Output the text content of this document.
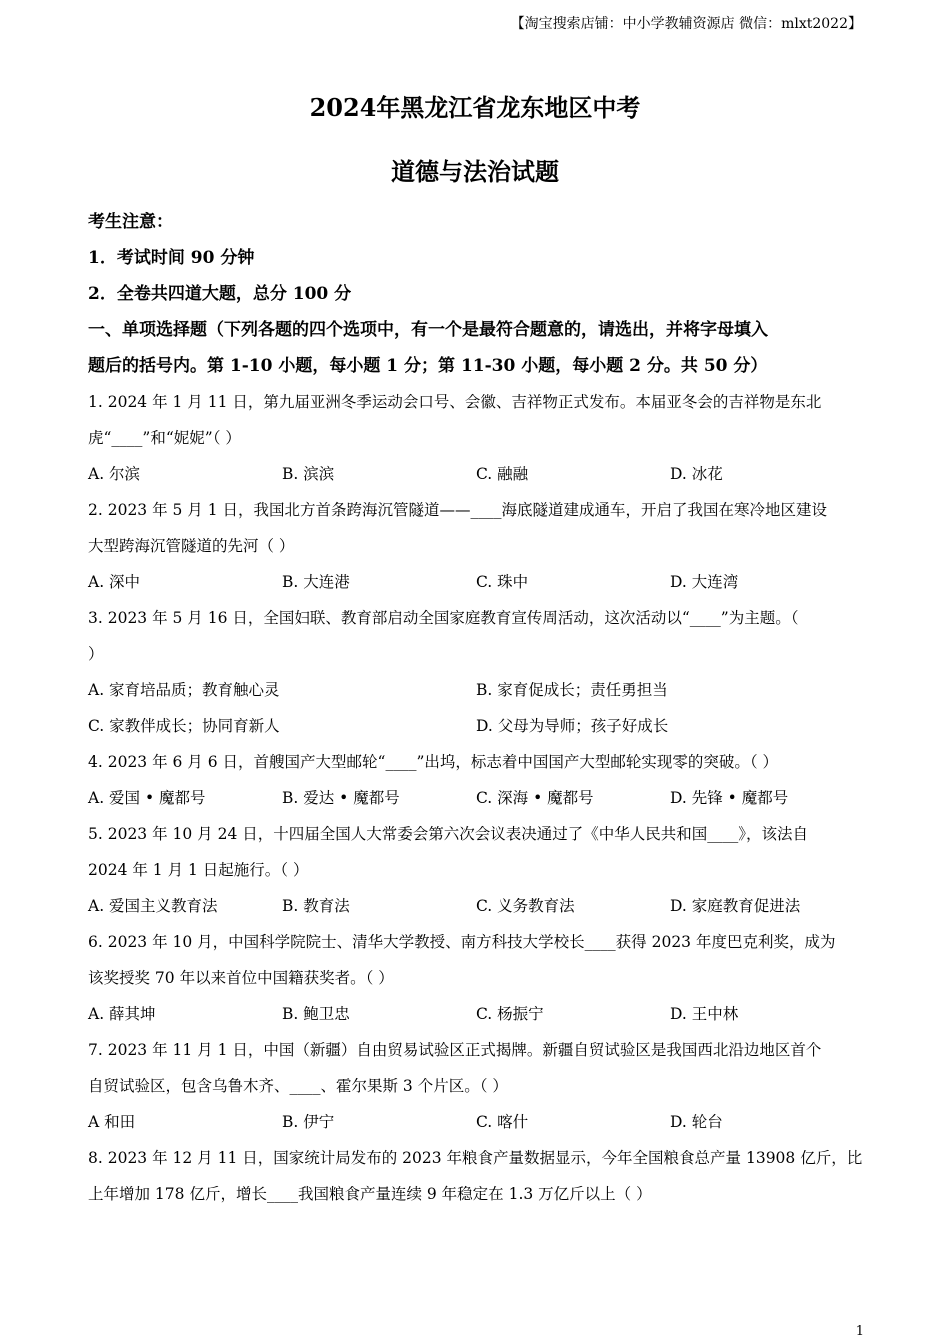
【淘宝搜索店铺：中小学教辅资源店 微信：mlxt2022】
2024年黑龙江省龙东地区中考
道德与法治试题
考生注意：
1．考试时间 90 分钟
2．全卷共四道大题，总分 100 分
一、单项选择题（下列各题的四个选项中，有一个是最符合题意的，请选出，并将字母填入
题后的括号内。第 1-10 小题，每小题 1 分；第 11-30 小题，每小题 2 分。共 50 分）
1. 2024 年 1 月 11 日，第九届亚洲冬季运动会口号、会徽、吉祥物正式发布。本届亚冬会的吉祥物是东北
虎“____”和“妮妮”（ ）
A. 尔滨	B. 滨滨	C. 融融	D. 冰花
2. 2023 年 5 月 1 日，我国北方首条跨海沉管隧道——____海底隧道建成通车，开启了我国在寒冷地区建设
大型跨海沉管隧道的先河（ ）
A. 深中	B. 大连港	C. 珠中	D. 大连湾
3. 2023 年 5 月 16 日，全国妇联、教育部启动全国家庭教育宣传周活动，这次活动以“____”为主题。（
）
A. 家育培品质；教育触心灵	B. 家育促成长；责任勇担当
C. 家教伴成长；协同育新人	D. 父母为导师；孩子好成长
4. 2023 年 6 月 6 日，首艘国产大型邮轮“____”出坞，标志着中国国产大型邮轮实现零的突破。（ ）
A. 爱国 • 魔都号	B. 爱达 • 魔都号	C. 深海 • 魔都号	D. 先锋 • 魔都号
5. 2023 年 10 月 24 日，十四届全国人大常委会第六次会议表决通过了《中华人民共和国____》，该法自
2024 年 1 月 1 日起施行。（ ）
A. 爱国主义教育法	B. 教育法	C. 义务教育法	D. 家庭教育促进法
6. 2023 年 10 月，中国科学院院士、清华大学教授、南方科技大学校长____获得 2023 年度巴克利奖，成为
该奖授奖 70 年以来首位中国籍获奖者。（ ）
A. 薛其坤	B. 鲍卫忠	C. 杨振宁	D. 王中林
7. 2023 年 11 月 1 日，中国（新疆）自由贸易试验区正式揭牌。新疆自贸试验区是我国西北沿边地区首个
自贸试验区，包含乌鲁木齐、____、霍尔果斯 3 个片区。（ ）
A 和田	B. 伊宁	C. 喀什	D. 轮台
8. 2023 年 12 月 11 日，国家统计局发布的 2023 年粮食产量数据显示，今年全国粮食总产量 13908 亿斤，比
上年增加 178 亿斤，增长____我国粮食产量连续 9 年稳定在 1.3 万亿斤以上（ ）
1
